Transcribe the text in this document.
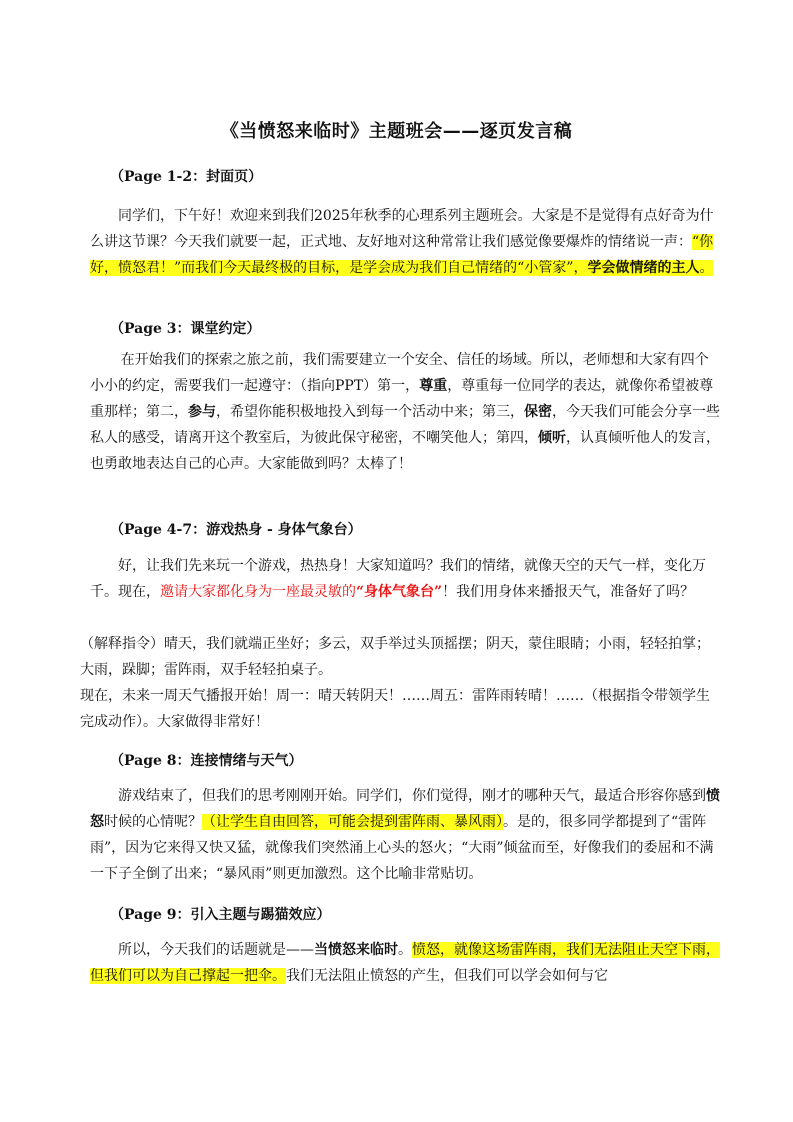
《当愤怒来临时》主题班会——逐页发言稿
（Page 1-2：封面页）

同学们，下午好！欢迎来到我们2025年秋季的心理系列主题班会。大家是不是觉得有点好奇为什么讲这节课？今天我们就要一起，正式地、友好地对这种常常让我们感觉像要爆炸的情绪说一声：“你好，愤怒君！”而我们今天最终极的目标，是学会成为我们自己情绪的“小管家”，学会做情绪的主人。

（Page 3：课堂约定）

在开始我们的探索之旅之前，我们需要建立一个安全、信任的场域。所以，老师想和大家有四个小小的约定，需要我们一起遵守：（指向PPT）第一，尊重，尊重每一位同学的表达，就像你希望被尊重那样；第二，参与，希望你能积极地投入到每一个活动中来；第三，保密，今天我们可能会分享一些私人的感受，请离开这个教室后，为彼此保守秘密，不嘲笑他人；第四，倾听，认真倾听他人的发言，也勇敢地表达自己的心声。大家能做到吗？太棒了！

（Page 4-7：游戏热身 - 身体气象台）

好，让我们先来玩一个游戏，热热身！大家知道吗？我们的情绪，就像天空的天气一样，变化万千。现在，邀请大家都化身为一座最灵敏的“身体气象台”！我们用身体来播报天气，准备好了吗？

（解释指令）晴天，我们就端正坐好；多云，双手举过头顶摇摆；阴天，蒙住眼睛；小雨，轻轻拍掌；大雨，跺脚；雷阵雨，双手轻轻拍桌子。

现在，未来一周天气播报开始！周一：晴天转阴天！……周五：雷阵雨转晴！……（根据指令带领学生完成动作）。大家做得非常好！

（Page 8：连接情绪与天气）

游戏结束了，但我们的思考刚刚开始。同学们，你们觉得，刚才的哪种天气，最适合形容你感到愤怒时候的心情呢？（让学生自由回答，可能会提到雷阵雨、暴风雨）。是的，很多同学都提到了“雷阵雨”，因为它来得又快又猛，就像我们突然涌上心头的怒火；“大雨”倾盆而至，好像我们的委屈和不满一下子全倒了出来；“暴风雨”则更加激烈。这个比喻非常贴切。

（Page 9：引入主题与踢猫效应）

所以，今天我们的话题就是——当愤怒来临时。愤怒，就像这场雷阵雨，我们无法阻止天空下雨，但我们可以为自己撑起一把伞。我们无法阻止愤怒的产生，但我们可以学会如何与它
